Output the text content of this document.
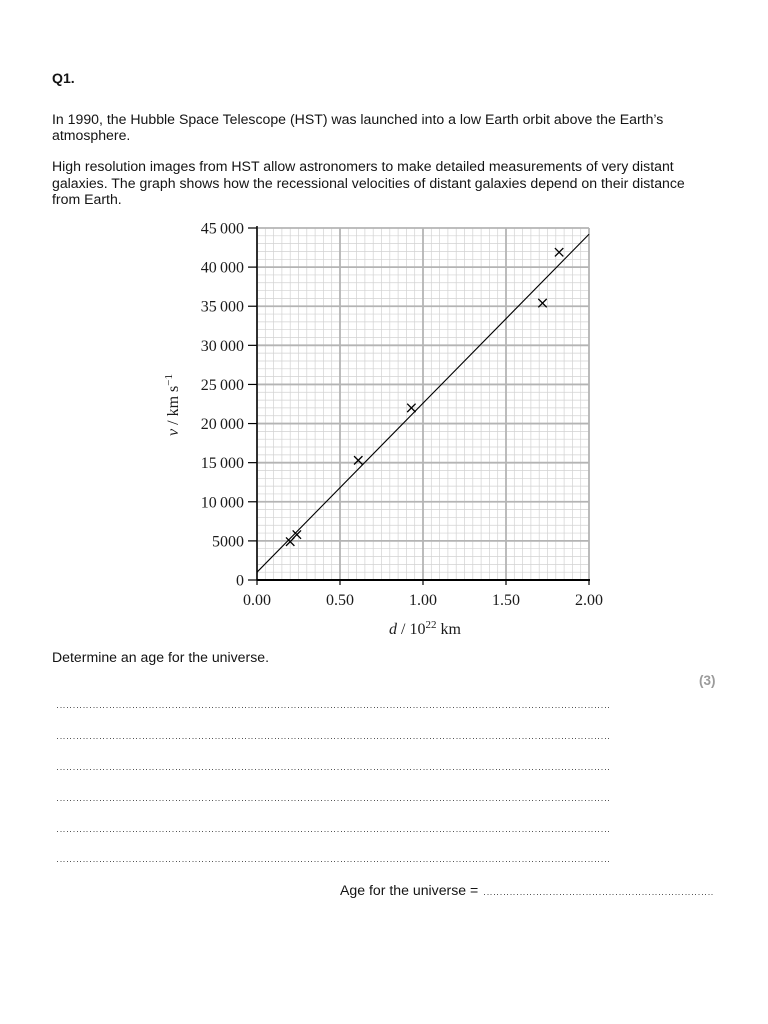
Q1.
In 1990, the Hubble Space Telescope (HST) was launched into a low Earth orbit above the Earth’s
atmosphere.
High resolution images from HST allow astronomers to make detailed measurements of very distant
galaxies. The graph shows how the recessional velocities of distant galaxies depend on their distance
from Earth.
v/ km $s^{-1}$
d / $10^{22}$ km
0
5000
10 000
15 000
20 000
25 000
30 000
35 000
40 000
45 000
0.00	0.50	1.00	1.50	2.00
Determine an age for the universe.
(3)
Age for the universe =
